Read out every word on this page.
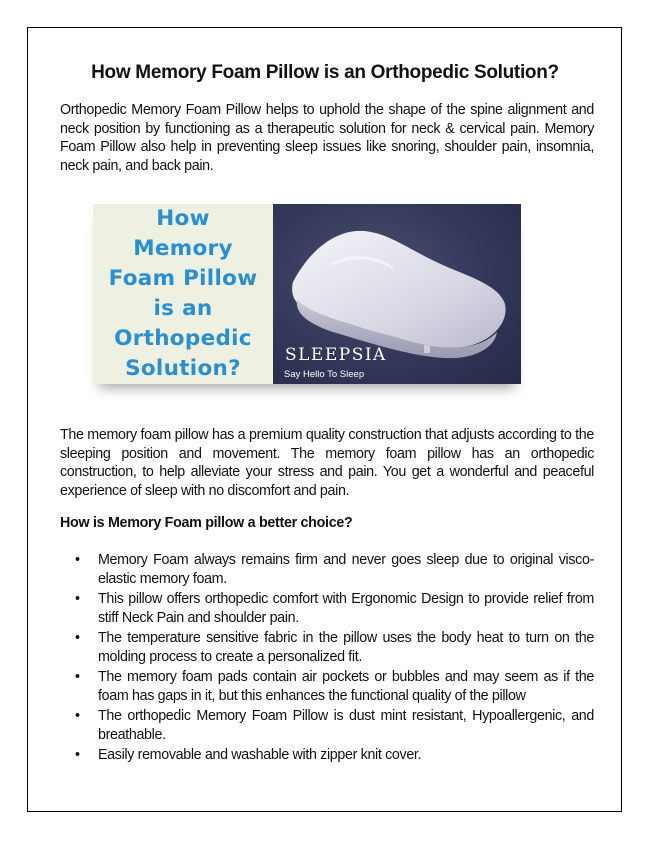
How Memory Foam Pillow is an Orthopedic Solution?

Orthopedic Memory Foam Pillow helps to uphold the shape of the spine alignment and neck position by functioning as a therapeutic solution for neck & cervical pain. Memory Foam Pillow also help in preventing sleep issues like snoring, shoulder pain, insomnia, neck pain, and back pain.

How
Memory
Foam Pillow
is an
Orthopedic
Solution?
SLEEPSIA
Say Hello To Sleep

The memory foam pillow has a premium quality construction that adjusts according to the sleeping position and movement. The memory foam pillow has an orthopedic construction, to help alleviate your stress and pain. You get a wonderful and peaceful experience of sleep with no discomfort and pain.

How is Memory Foam pillow a better choice?
• Memory Foam always remains firm and never goes sleep due to original visco-elastic memory foam.
• This pillow offers orthopedic comfort with Ergonomic Design to provide relief from stiff Neck Pain and shoulder pain.
• The temperature sensitive fabric in the pillow uses the body heat to turn on the molding process to create a personalized fit.
• The memory foam pads contain air pockets or bubbles and may seem as if the foam has gaps in it, but this enhances the functional quality of the pillow
• The orthopedic Memory Foam Pillow is dust mint resistant, Hypoallergenic, and breathable.
• Easily removable and washable with zipper knit cover.
